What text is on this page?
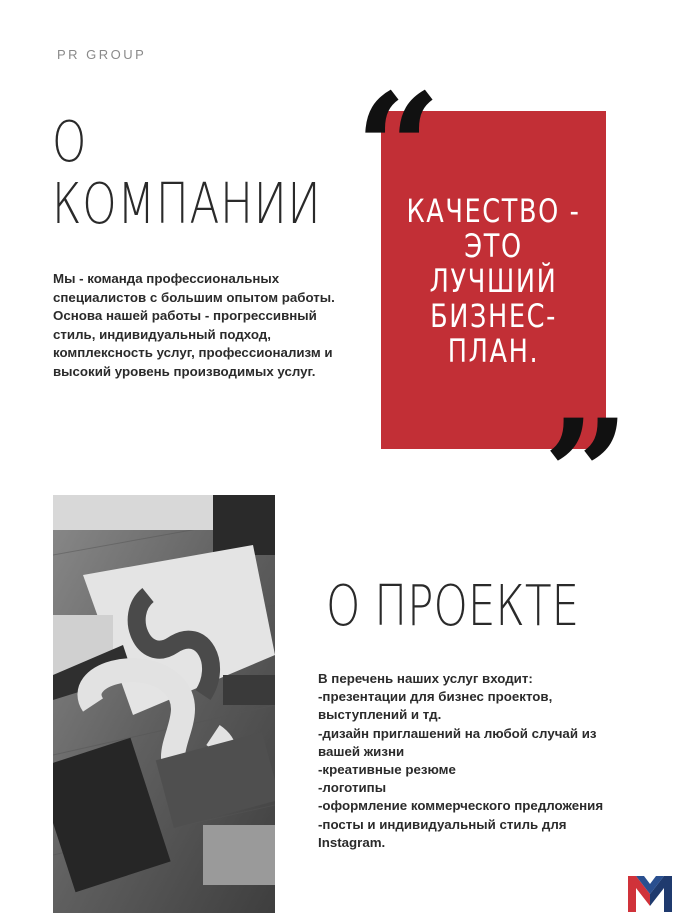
PR GROUP
О
КОМПАНИИ
Мы - команда профессиональных специалистов с большим опытом работы. Основа нашей работы - прогрессивный стиль, индивидуальный подход, комплексность услуг, профессионализм и высокий уровень производимых услуг.
КАЧЕСТВО -
ЭТО
ЛУЧШИЙ
БИЗНЕС-
ПЛАН.
“
”
О ПРОЕКТЕ
В перечень наших услуг входит:
-презентации для бизнес проектов, выступлений и тд.
-дизайн приглашений на любой случай из вашей жизни
-креативные резюме
-логотипы
-оформление коммерческого предложения
-посты и индивидуальный стиль для Instagram.
